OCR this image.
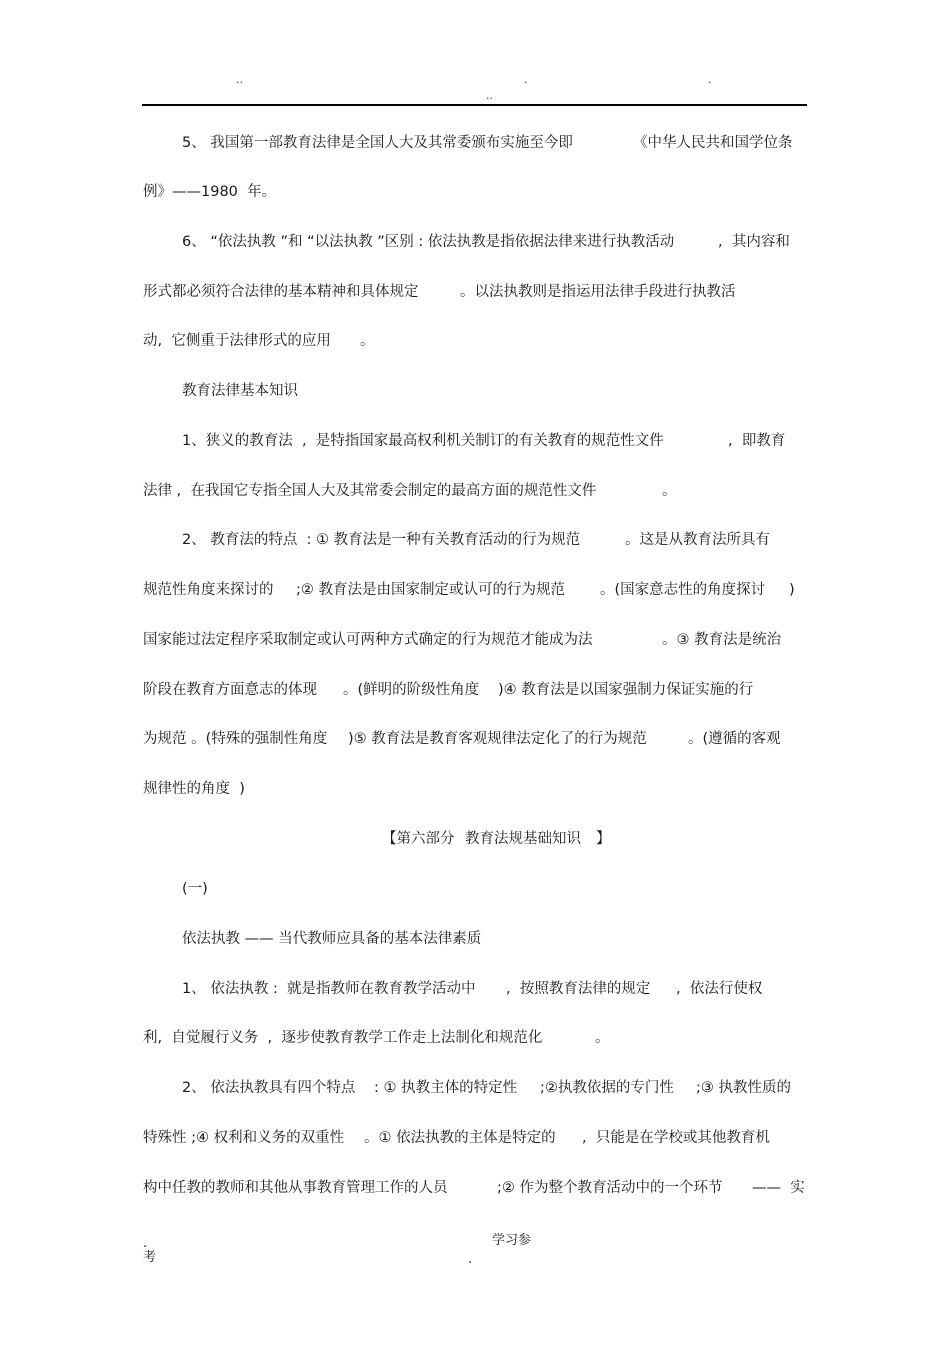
..	.	.
..
5、 我国第一部教育法律是全国人大及其常委颁布实施至今即	《中华人民共和国学位条
例》——1980  年。
6、 “依法执教 ”和 “以法执教 ”区别 : 依法执教是指依据法律来进行执教活动	,  其内容和
形式都必须符合法律的基本精神和具体规定	。以法执教则是指运用法律手段进行执教活
动,  它侧重于法律形式的应用 。
教育法律基本知识
1、狭义的教育法  ,  是特指国家最高权利机关制订的有关教育的规范性文件	,  即教育
法律 ,  在我国它专指全国人大及其常委会制定的最高方面的规范性文件	。
2、 教育法的特点  : ① 教育法是一种有关教育活动的行为规范	。这是从教育法所具有
规范性角度来探讨的 ;② 教育法是由国家制定或认可的行为规范 。(国家意志性的角度探讨 )
国家能过法定程序采取制定或认可两种方式确定的行为规范才能成为法	。③ 教育法是统治
阶段在教育方面意志的体现 。(鲜明的阶级性角度 )④ 教育法是以国家强制力保证实施的行
为规范 。(特殊的强制性角度 )⑤ 教育法是教育客观规律法定化了的行为规范	。(遵循的客观
规律性的角度  )
【第六部分 教育法规基础知识 】
(一)
依法执教 —— 当代教师应具备的基本法律素质
1、 依法执教 :  就是指教师在教育教学活动中 ,  按照教育法律的规定 ,  依法行使权
利,  自觉履行义务  ,  逐步使教育教学工作走上法制化和规范化	。
2、 依法执教具有四个特点 : ① 执教主体的特定性 ;②执教依据的专门性 ;③ 执教性质的
特殊性 ;④ 权利和义务的双重性 。① 依法执教的主体是特定的 ,  只能是在学校或其他教育机
构中任教的教师和其他从事教育管理工作的人员	;② 作为整个教育活动中的一个环节 ——  实
学习参
.
考	.
